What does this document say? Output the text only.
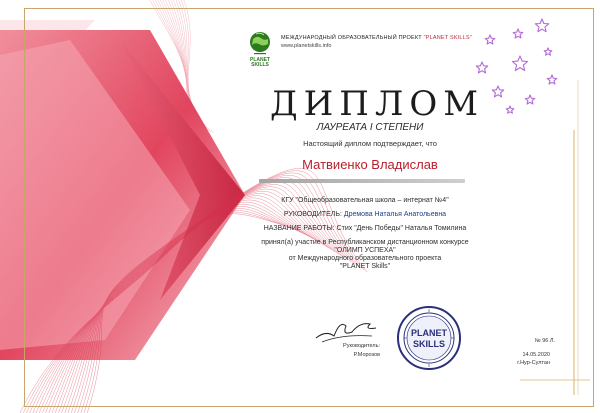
PLANET
SKILLS
МЕЖДУНАРОДНЫЙ ОБРАЗОВАТЕЛЬНЫЙ ПРОЕКТ "PLANET SKILLS"
www.planetskills.info
ДИПЛОМ
ЛАУРЕАТА I СТЕПЕНИ
Настоящий диплом подтверждает, что
Матвиенко Владислав
КГУ "Общеобразовательная школа – интернат №4"
РУКОВОДИТЕЛЬ: Дремова Наталья Анатольевна
НАЗВАНИЕ РАБОТЫ: Стих "День Победы" Наталья Томилина
принял(а) участие в Республиканском дистанционном конкурсе
"ОЛИМП УСПЕХА"
от Международного образовательного проекта
"PLANET Skills"
Руководитель:
Р.Морозов
PLANET
SKILLS	№ 96 Л.
14.05.2020
г.Нур-Султан
